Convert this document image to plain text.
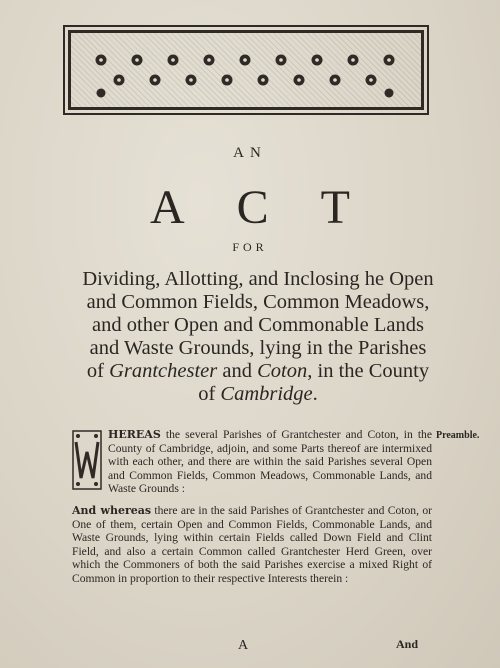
AN
ACT
FOR
Dividing, Allotting, and Inclosing he Open
and Common Fields, Common Meadows,
and other Open and Commonable Lands
and Waste Grounds, lying in the Parishes
of Grantchester and Coton, in the County
of Cambridge.
Preamble.

HEREAS the several Parishes of Grantchester and Coton, in the County of Cambridge, adjoin, and some Parts thereof are intermixed with each other, and there are within the said Parishes several Open and Common Fields, Common Meadows, Commonable Lands, and Waste Grounds :

And whereas there are in the said Parishes of Grantchester and Coton, or One of them, certain Open and Common Fields, Commonable Lands, and Waste Grounds, lying within certain Fields called Down Field and Clint Field, and also a certain Common called Grantchester Herd Green, over which the Commoners of both the said Parishes exercise a mixed Right of Common in proportion to their respective Interests therein :

A	And
